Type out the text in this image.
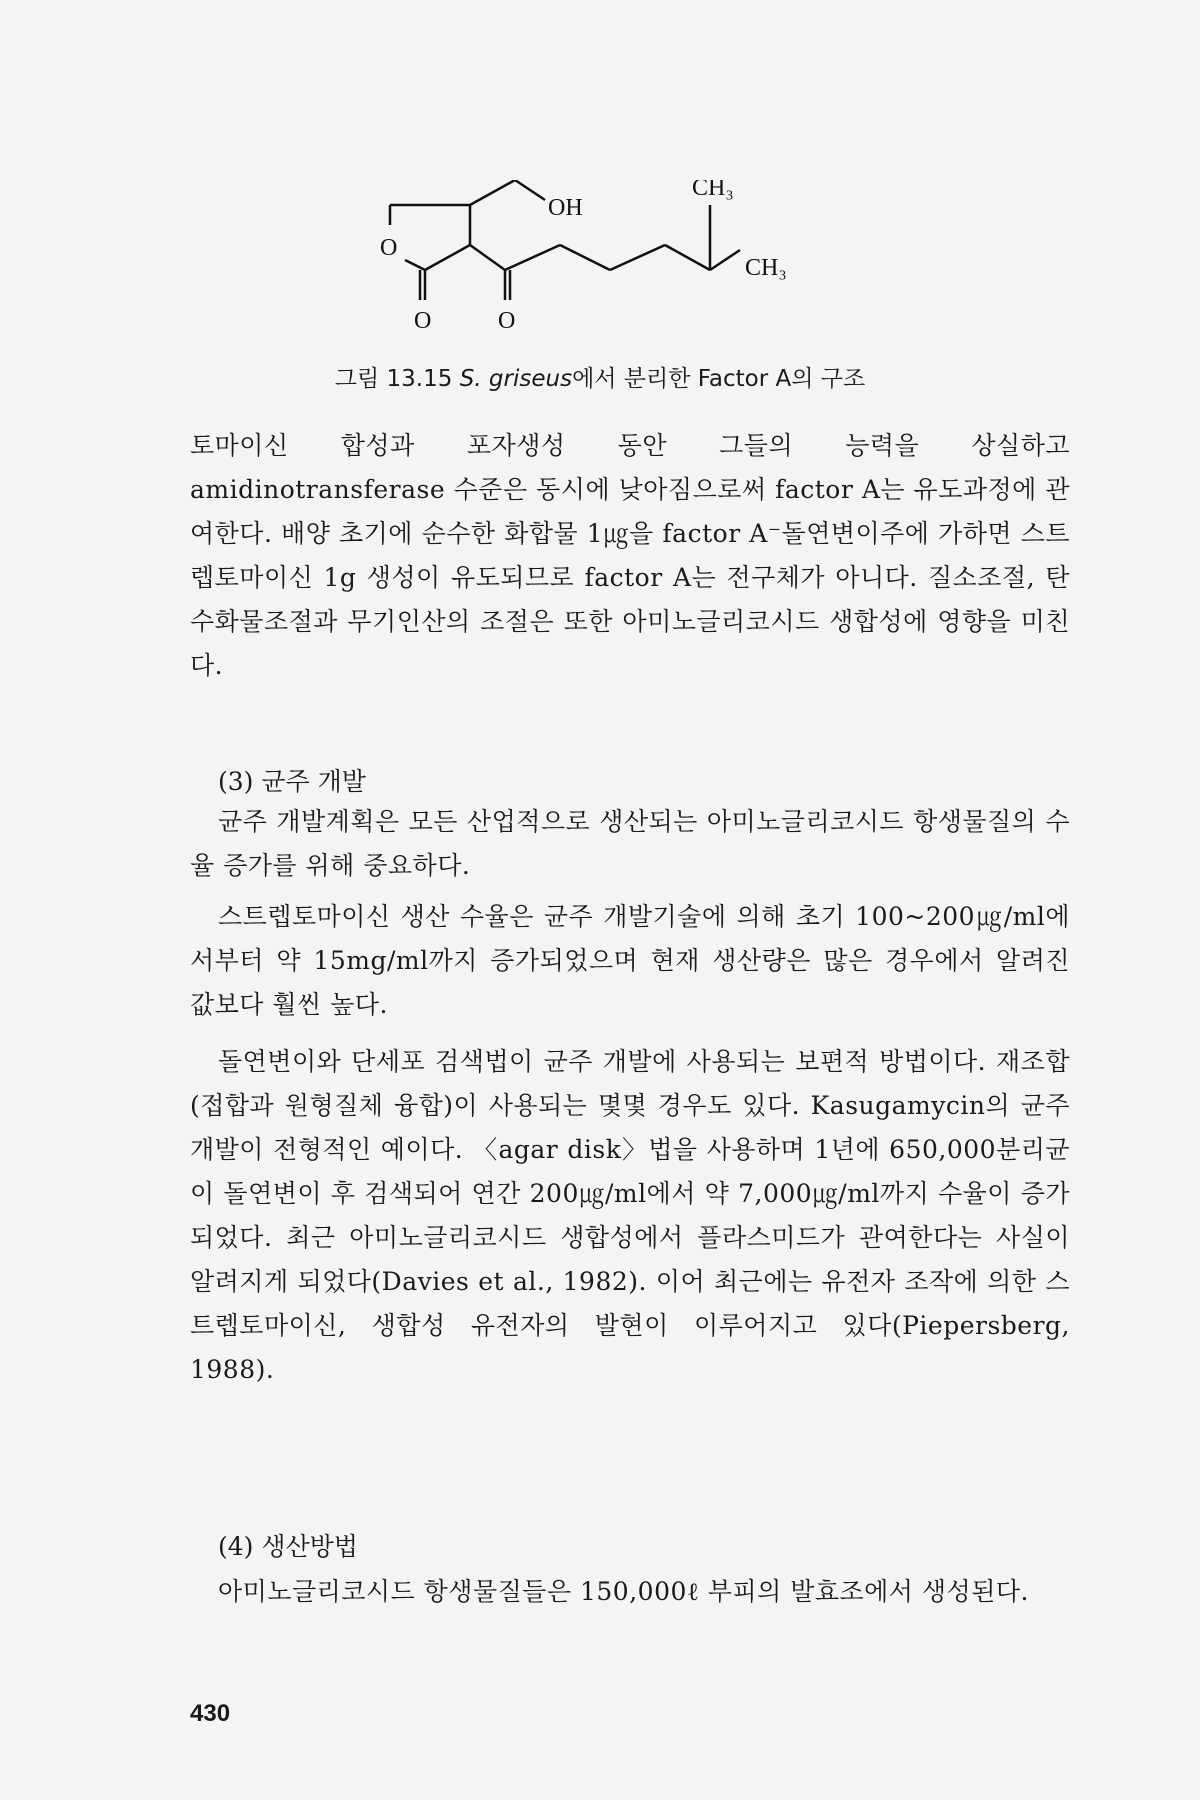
O
OH
CH₃
CH₃
O	O
그림 13.15 S. griseus에서 분리한 Factor A의 구조
토마이신 합성과 포자생성 동안 그들의 능력을 상실하고 amidinotransferase 수준은 동시에 낮아짐으로써 factor A는 유도과정에 관여한다. 배양 초기에 순수한 화합물 1㎍을 factor A⁻돌연변이주에 가하면 스트렙토마이신 1g 생성이 유도되므로 factor A는 전구체가 아니다. 질소조절, 탄수화물조절과 무기인산의 조절은 또한 아미노글리코시드 생합성에 영향을 미친다.
(3) 균주 개발
균주 개발계획은 모든 산업적으로 생산되는 아미노글리코시드 항생물질의 수율 증가를 위해 중요하다.
스트렙토마이신 생산 수율은 균주 개발기술에 의해 초기 100~200㎍/ml에서부터 약 15mg/ml까지 증가되었으며 현재 생산량은 많은 경우에서 알려진 값보다 훨씬 높다.
돌연변이와 단세포 검색법이 균주 개발에 사용되는 보편적 방법이다. 재조합(접합과 원형질체 융합)이 사용되는 몇몇 경우도 있다. Kasugamycin의 균주 개발이 전형적인 예이다. 〈agar disk〉법을 사용하며 1년에 650,000분리균이 돌연변이 후 검색되어 연간 200㎍/ml에서 약 7,000㎍/ml까지 수율이 증가되었다. 최근 아미노글리코시드 생합성에서 플라스미드가 관여한다는 사실이 알려지게 되었다(Davies et al., 1982). 이어 최근에는 유전자 조작에 의한 스트렙토마이신, 생합성 유전자의 발현이 이루어지고 있다(Piepersberg, 1988).
(4) 생산방법
아미노글리코시드 항생물질들은 150,000ℓ 부피의 발효조에서 생성된다.
430
